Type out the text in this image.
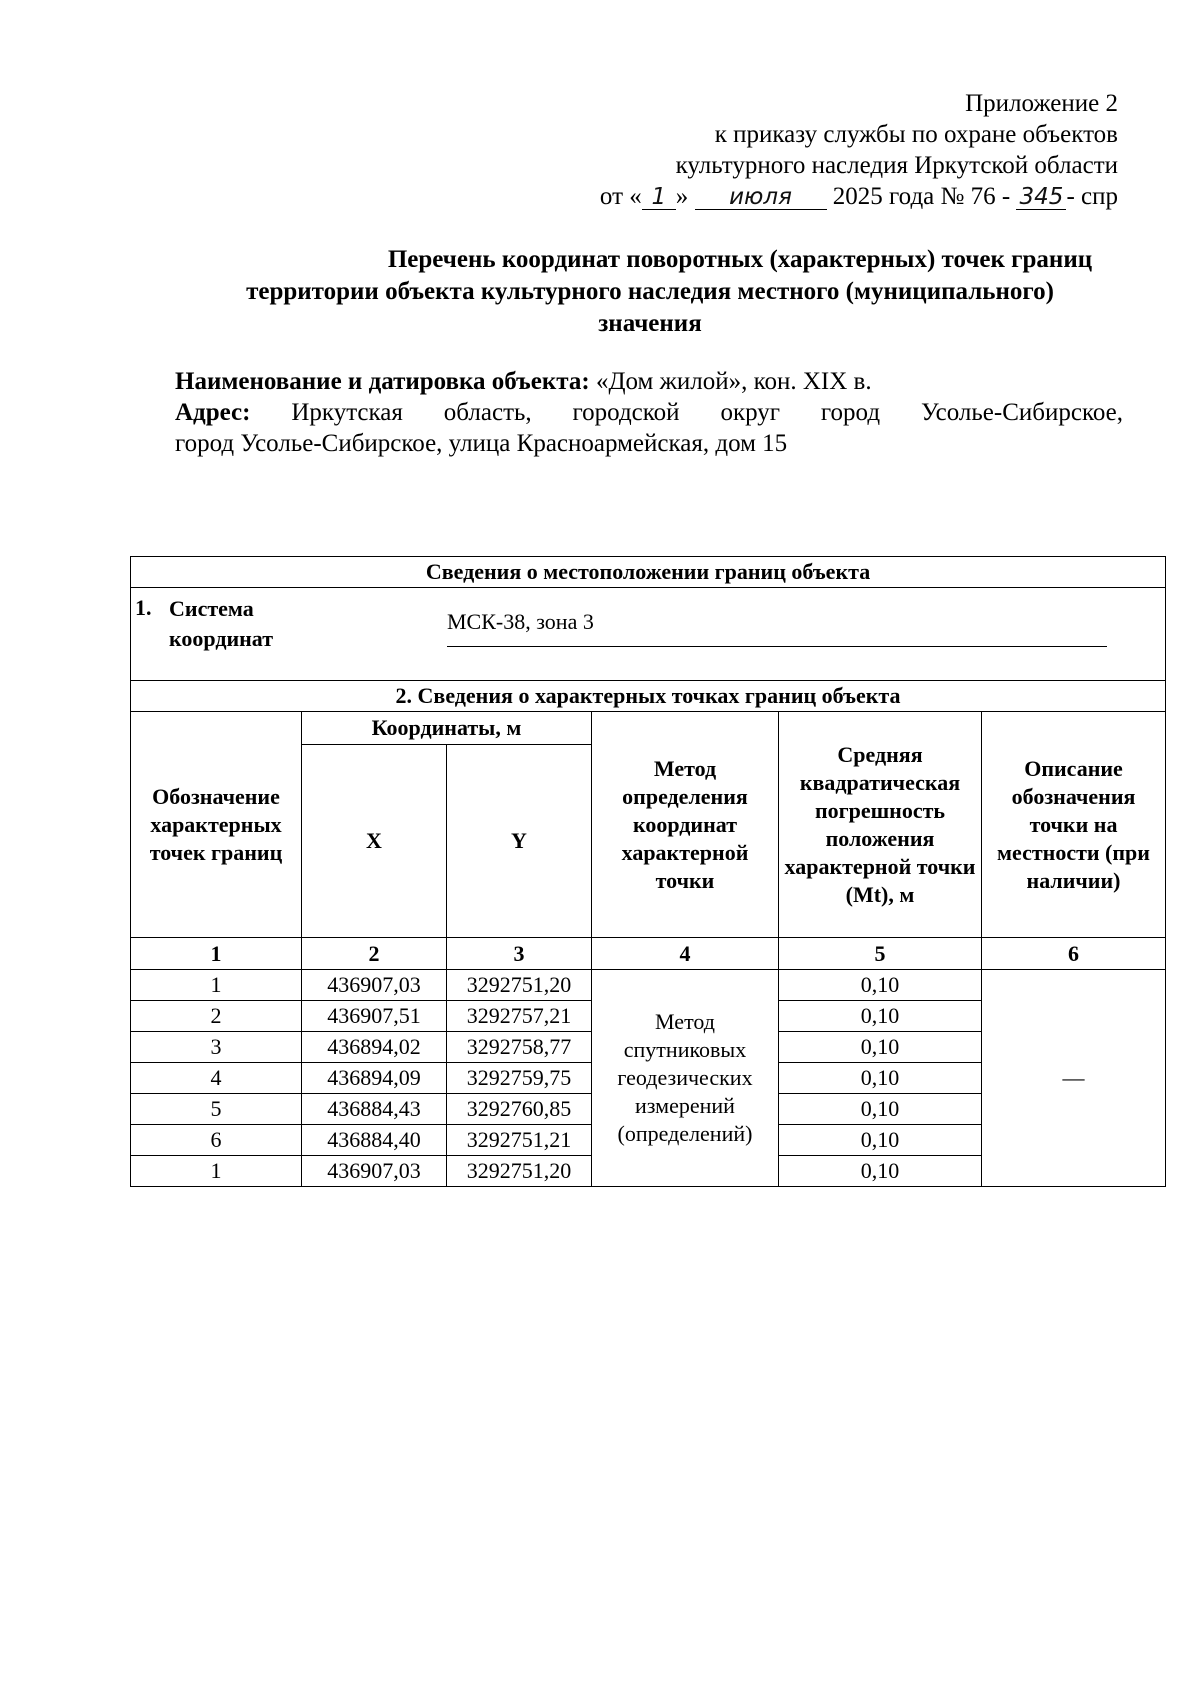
Приложение 2
к приказу службы по охране объектов
культурного наследия Иркутской области
от « 1 » июля 2025 года № 76 - 345 - спр
Перечень координат поворотных (характерных) точек границ
территории объекта культурного наследия местного (муниципального)
значения
Наименование и датировка объекта: «Дом жилой», кон. XIX в.
Адрес: Иркутская область, городской округ город Усолье-Сибирское,
город Усолье-Сибирское, улица Красноармейская, дом 15
Сведения о местоположении границ объекта					

1. Система
координат
МСК-38, зона 3					

2. Сведения о характерных точках границ объекта					
Обозначение характерных точек границ	Координаты, м		Метод определения координат характерной точки	Средняя квадратическая погрешность положения характерной точки (Mt), м	Описание обозначения точки на местности (при наличии)
	X	Y			
1	2	3	4	5	6
1	436907,03	3292751,20	Метод спутниковых геодезических измерений (определений)	0,10	—
2	436907,51	3292757,21		0,10	
3	436894,02	3292758,77		0,10	
4	436894,09	3292759,75		0,10	
5	436884,43	3292760,85		0,10	
6	436884,40	3292751,21		0,10	
1	436907,03	3292751,20		0,10	
